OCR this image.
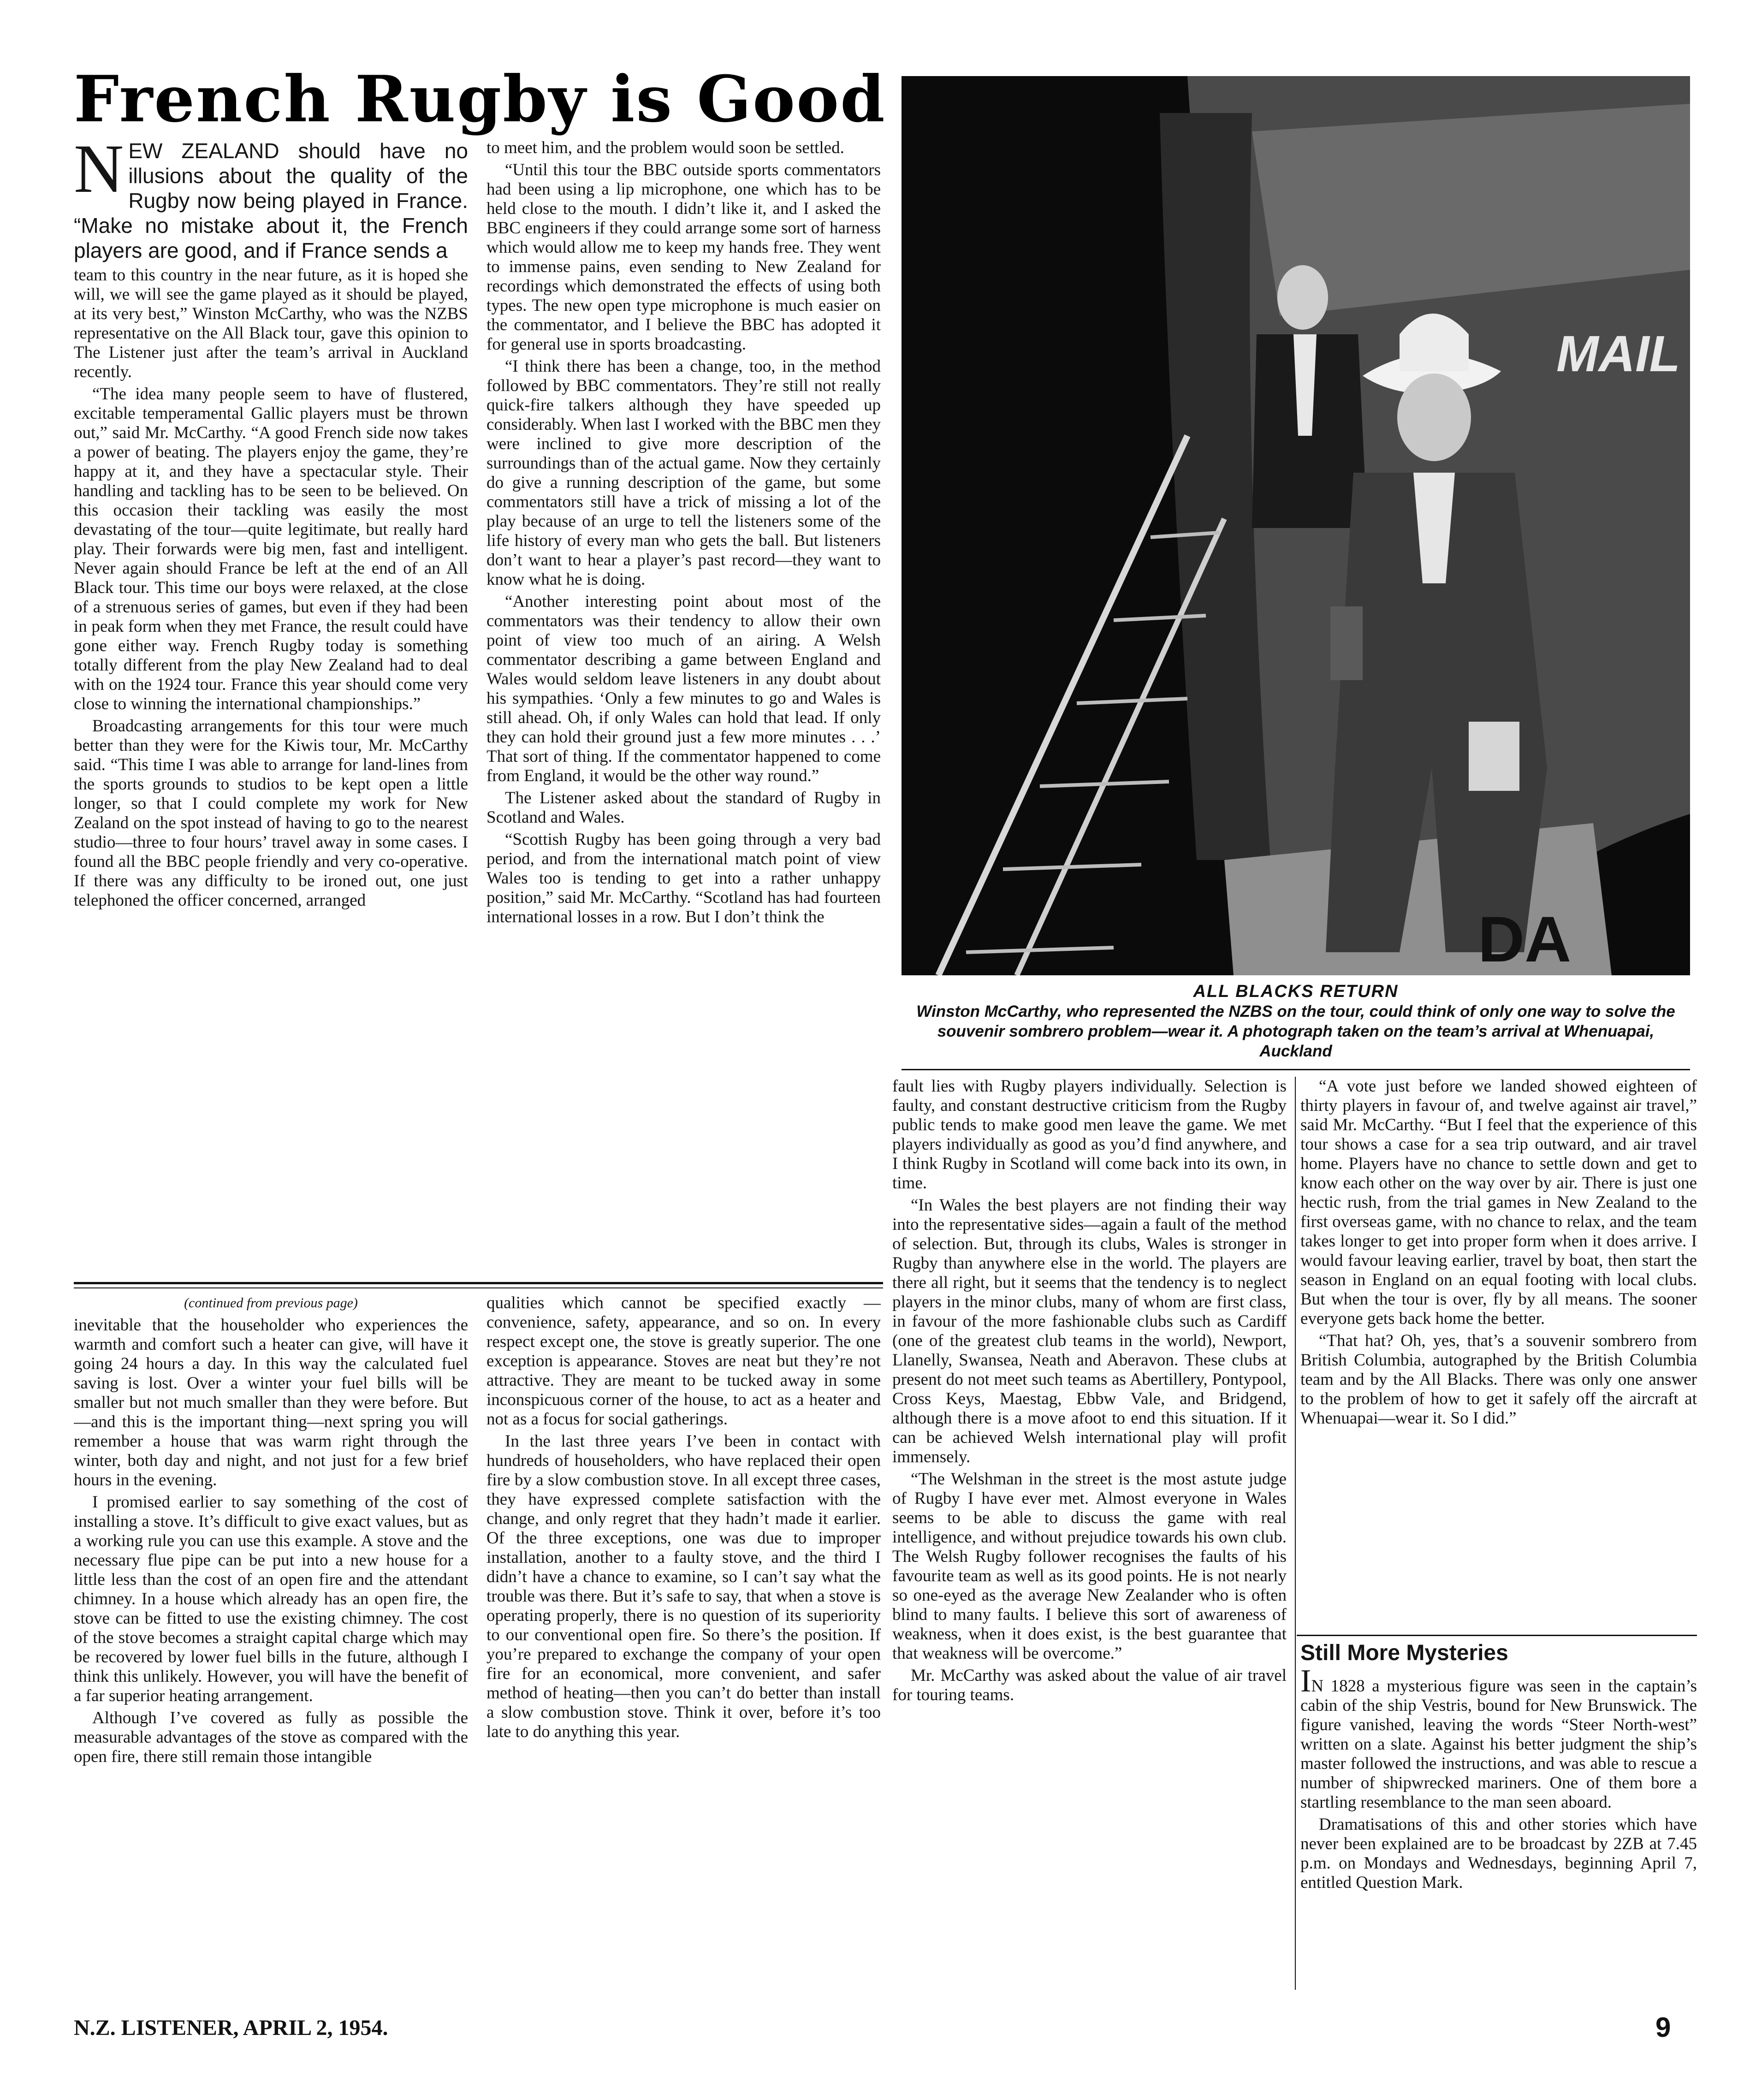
French Rugby is Good

NEW ZEALAND should have no illusions about the quality of the Rugby now being played in France. “Make no mistake about it, the French players are good, and if France sends a

team to this country in the near future, as it is hoped she will, we will see the game played as it should be played, at its very best,” Winston McCarthy, who was the NZBS representative on the All Black tour, gave this opinion to The Listener just after the team’s arrival in Auckland recently.

“The idea many people seem to have of flustered, excitable temperamental Gallic players must be thrown out,” said Mr. McCarthy. “A good French side now takes a power of beating. The players enjoy the game, they’re happy at it, and they have a spectacular style. Their handling and tackling has to be seen to be believed. On this occasion their tackling was easily the most devastating of the tour—quite legitimate, but really hard play. Their forwards were big men, fast and intelligent. Never again should France be left at the end of an All Black tour. This time our boys were relaxed, at the close of a strenuous series of games, but even if they had been in peak form when they met France, the result could have gone either way. French Rugby today is something totally different from the play New Zealand had to deal with on the 1924 tour. France this year should come very close to winning the international championships.”

Broadcasting arrangements for this tour were much better than they were for the Kiwis tour, Mr. McCarthy said. “This time I was able to arrange for land-lines from the sports grounds to studios to be kept open a little longer, so that I could complete my work for New Zealand on the spot instead of having to go to the nearest studio—three to four hours’ travel away in some cases. I found all the BBC people friendly and very co-operative. If there was any difficulty to be ironed out, one just telephoned the officer concerned, arranged

to meet him, and the problem would soon be settled.

“Until this tour the BBC outside sports commentators had been using a lip microphone, one which has to be held close to the mouth. I didn’t like it, and I asked the BBC engineers if they could arrange some sort of harness which would allow me to keep my hands free. They went to immense pains, even sending to New Zealand for recordings which demonstrated the effects of using both types. The new open type microphone is much easier on the commentator, and I believe the BBC has adopted it for general use in sports broadcasting.

“I think there has been a change, too, in the method followed by BBC commentators. They’re still not really quick-fire talkers although they have speeded up considerably. When last I worked with the BBC men they were inclined to give more description of the surroundings than of the actual game. Now they certainly do give a running description of the game, but some commentators still have a trick of missing a lot of the play because of an urge to tell the listeners some of the life history of every man who gets the ball. But listeners don’t want to hear a player’s past record—they want to know what he is doing.

“Another interesting point about most of the commentators was their tendency to allow their own point of view too much of an airing. A Welsh commentator describing a game between England and Wales would seldom leave listeners in any doubt about his sympathies. ‘Only a few minutes to go and Wales is still ahead. Oh, if only Wales can hold that lead. If only they can hold their ground just a few more minutes . . .’ That sort of thing. If the commentator happened to come from England, it would be the other way round.”

The Listener asked about the standard of Rugby in Scotland and Wales.

“Scottish Rugby has been going through a very bad period, and from the international match point of view Wales too is tending to get into a rather unhappy position,” said Mr. McCarthy. “Scotland has had fourteen international losses in a row. But I don’t think the

MAIL
DA
ALL BLACKS RETURN
Winston McCarthy, who represented the NZBS on the tour, could think of only one way to solve the souvenir sombrero problem—wear it. A photograph taken on the team’s arrival at Whenuapai, Auckland

fault lies with Rugby players individually. Selection is faulty, and constant destructive criticism from the Rugby public tends to make good men leave the game. We met players individually as good as you’d find anywhere, and I think Rugby in Scotland will come back into its own, in time.

“In Wales the best players are not finding their way into the representative sides—again a fault of the method of selection. But, through its clubs, Wales is stronger in Rugby than anywhere else in the world. The players are there all right, but it seems that the tendency is to neglect players in the minor clubs, many of whom are first class, in favour of the more fashionable clubs such as Cardiff (one of the greatest club teams in the world), Newport, Llanelly, Swansea, Neath and Aberavon. These clubs at present do not meet such teams as Abertillery, Pontypool, Cross Keys, Maestag, Ebbw Vale, and Bridgend, although there is a move afoot to end this situation. If it can be achieved Welsh international play will profit immensely.

“The Welshman in the street is the most astute judge of Rugby I have ever met. Almost everyone in Wales seems to be able to discuss the game with real intelligence, and without prejudice towards his own club. The Welsh Rugby follower recognises the faults of his favourite team as well as its good points. He is not nearly so one-eyed as the average New Zealander who is often blind to many faults. I believe this sort of awareness of weakness, when it does exist, is the best guarantee that that weakness will be overcome.”

Mr. McCarthy was asked about the value of air travel for touring teams.

“A vote just before we landed showed eighteen of thirty players in favour of, and twelve against air travel,” said Mr. McCarthy. “But I feel that the experience of this tour shows a case for a sea trip outward, and air travel home. Players have no chance to settle down and get to know each other on the way over by air. There is just one hectic rush, from the trial games in New Zealand to the first overseas game, with no chance to relax, and the team takes longer to get into proper form when it does arrive. I would favour leaving earlier, travel by boat, then start the season in England on an equal footing with local clubs. But when the tour is over, fly by all means. The sooner everyone gets back home the better.

“That hat? Oh, yes, that’s a souvenir sombrero from British Columbia, autographed by the British Columbia team and by the All Blacks. There was only one answer to the problem of how to get it safely off the aircraft at Whenuapai—wear it. So I did.”

Still More Mysteries

IN 1828 a mysterious figure was seen in the captain’s cabin of the ship Vestris, bound for New Brunswick. The figure vanished, leaving the words “Steer North-west” written on a slate. Against his better judgment the ship’s master followed the instructions, and was able to rescue a number of shipwrecked mariners. One of them bore a startling resemblance to the man seen aboard.

Dramatisations of this and other stories which have never been explained are to be broadcast by 2ZB at 7.45 p.m. on Mondays and Wednesdays, beginning April 7, entitled Question Mark.

(continued from previous page)

inevitable that the householder who experiences the warmth and comfort such a heater can give, will have it going 24 hours a day. In this way the calculated fuel saving is lost. Over a winter your fuel bills will be smaller but not much smaller than they were before. But—and this is the important thing—next spring you will remember a house that was warm right through the winter, both day and night, and not just for a few brief hours in the evening.

I promised earlier to say something of the cost of installing a stove. It’s difficult to give exact values, but as a working rule you can use this example. A stove and the necessary flue pipe can be put into a new house for a little less than the cost of an open fire and the attendant chimney. In a house which already has an open fire, the stove can be fitted to use the existing chimney. The cost of the stove becomes a straight capital charge which may be recovered by lower fuel bills in the future, although I think this unlikely. However, you will have the benefit of a far superior heating arrangement.

Although I’ve covered as fully as possible the measurable advantages of the stove as compared with the open fire, there still remain those intangible

qualities which cannot be specified exactly — convenience, safety, appearance, and so on. In every respect except one, the stove is greatly superior. The one exception is appearance. Stoves are neat but they’re not attractive. They are meant to be tucked away in some inconspicuous corner of the house, to act as a heater and not as a focus for social gatherings.

In the last three years I’ve been in contact with hundreds of householders, who have replaced their open fire by a slow combustion stove. In all except three cases, they have expressed complete satisfaction with the change, and only regret that they hadn’t made it earlier. Of the three exceptions, one was due to improper installation, another to a faulty stove, and the third I didn’t have a chance to examine, so I can’t say what the trouble was there. But it’s safe to say, that when a stove is operating properly, there is no question of its superiority to our conventional open fire. So there’s the position. If you’re prepared to exchange the company of your open fire for an economical, more convenient, and safer method of heating—then you can’t do better than install a slow combustion stove. Think it over, before it’s too late to do anything this year.

N.Z. LISTENER, APRIL 2, 1954.	9
